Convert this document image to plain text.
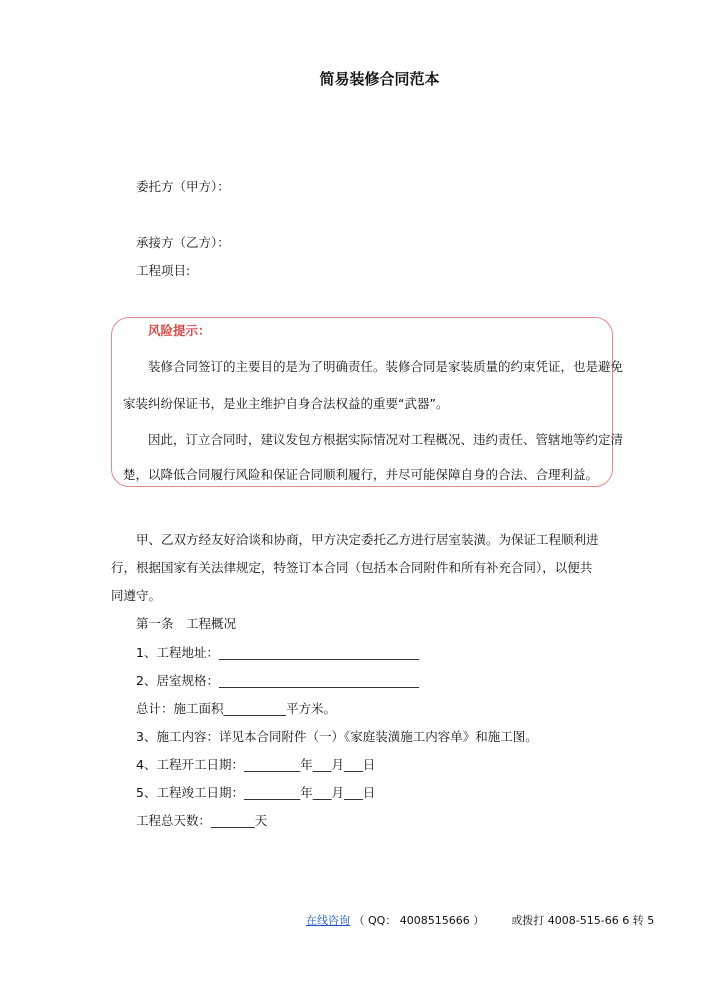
简易装修合同范本
委托方（甲方）：
承接方（乙方）：
工程项目:
风险提示：
装修合同签订的主要目的是为了明确责任。装修合同是家装质量的约束凭证，也是避免
家装纠纷保证书，是业主维护自身合法权益的重要“武器”。
因此，订立合同时，建议发包方根据实际情况对工程概况、违约责任、管辖地等约定清
楚，以降低合同履行风险和保证合同顺利履行，并尽可能保障自身的合法、合理利益。
甲、乙双方经友好洽谈和协商，甲方决定委托乙方进行居室装潢。为保证工程顺利进
行，根据国家有关法律规定，特签订本合同（包括本合同附件和所有补充合同），以便共
同遵守。
第一条　工程概况
1、工程地址：________________________________
2、居室规格：________________________________
总计：施工面积__________平方米。
3、施工内容：详见本合同附件（一）《家庭装潢施工内容单》和施工图。
4、工程开工日期：_________年___月___日
5、工程竣工日期：_________年___月___日
工程总天数：_______天
在线咨询 （ QQ： 4008515666 ） 或拨打 4008-515-66 6 转 5
